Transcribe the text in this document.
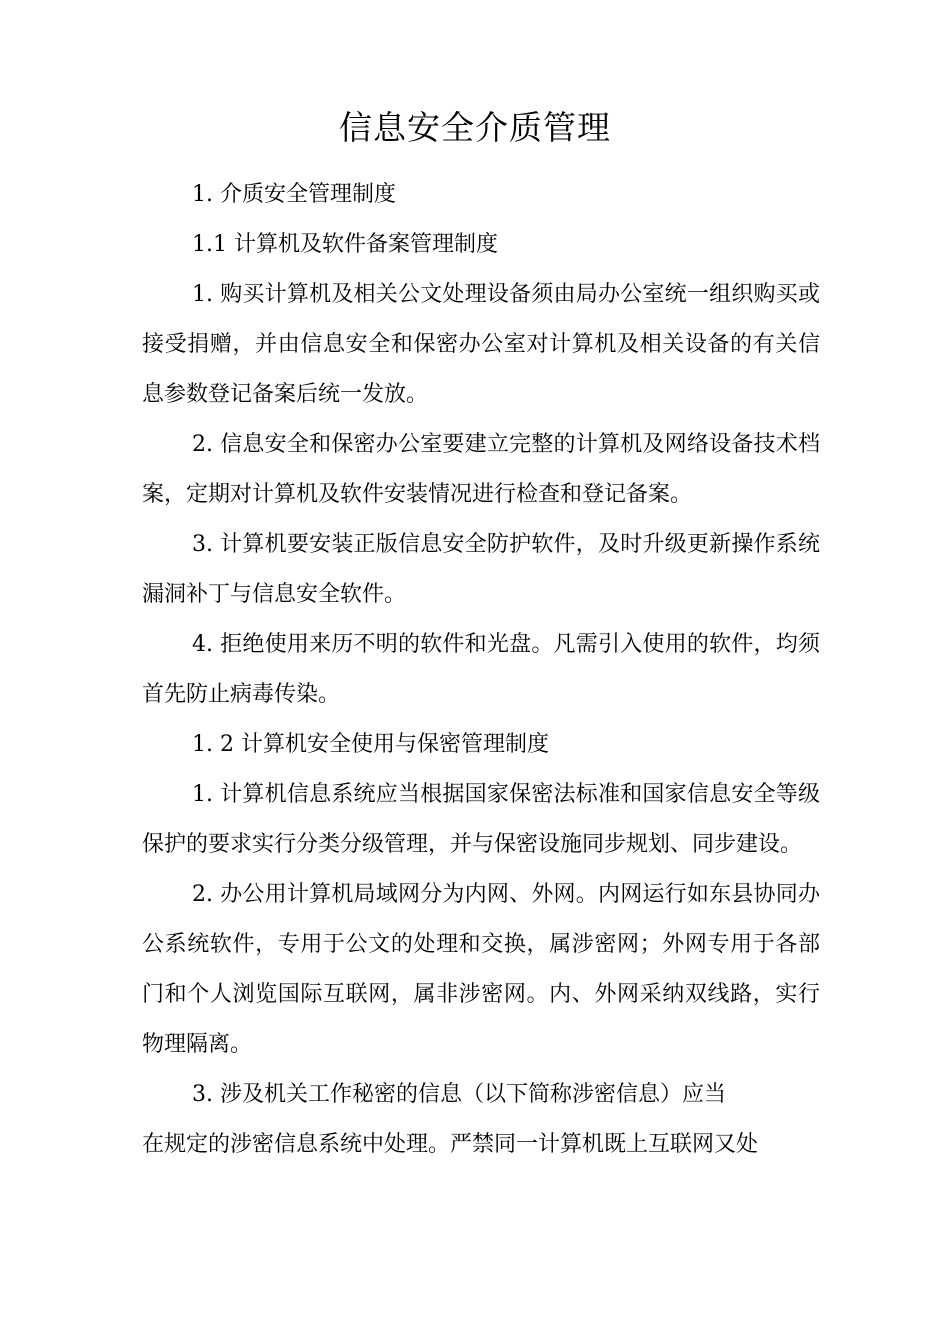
信息安全介质管理

1. 介质安全管理制度

1.1 计算机及软件备案管理制度

1. 购买计算机及相关公文处理设备须由局办公室统一组织购买或接受捐赠，并由信息安全和保密办公室对计算机及相关设备的有关信息参数登记备案后统一发放。

2. 信息安全和保密办公室要建立完整的计算机及网络设备技术档案，定期对计算机及软件安装情况进行检查和登记备案。

3. 计算机要安装正版信息安全防护软件，及时升级更新操作系统漏洞补丁与信息安全软件。

4. 拒绝使用来历不明的软件和光盘。凡需引入使用的软件，均须首先防止病毒传染。

1. 2 计算机安全使用与保密管理制度

1. 计算机信息系统应当根据国家保密法标准和国家信息安全等级保护的要求实行分类分级管理，并与保密设施同步规划、同步建设。

2. 办公用计算机局域网分为内网、外网。内网运行如东县协同办公系统软件，专用于公文的处理和交换，属涉密网；外网专用于各部门和个人浏览国际互联网，属非涉密网。内、外网采纳双线路，实行物理隔离。

3. 涉及机关工作秘密的信息（以下简称涉密信息）应当

在规定的涉密信息系统中处理。严禁同一计算机既上互联网又处
